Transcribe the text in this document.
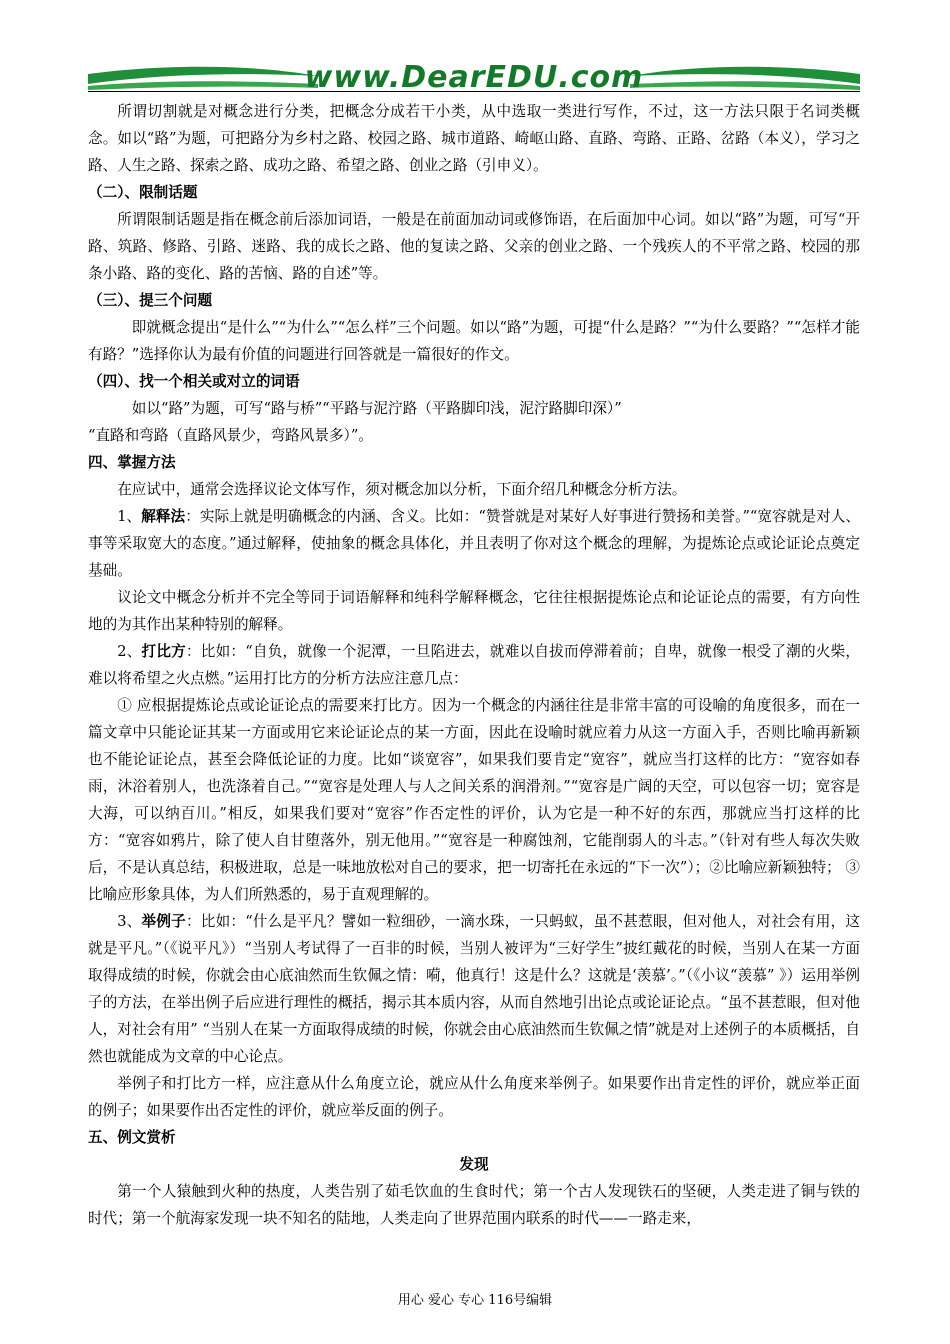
www.DearEDU.com

所谓切割就是对概念进行分类，把概念分成若干小类，从中选取一类进行写作，不过，这一方法只限于名词类概念。如以“路”为题，可把路分为乡村之路、校园之路、城市道路、崎岖山路、直路、弯路、正路、岔路（本义），学习之路、人生之路、探索之路、成功之路、希望之路、创业之路（引申义）。

（二）、限制话题

所谓限制话题是指在概念前后添加词语，一般是在前面加动词或修饰语，在后面加中心词。如以“路”为题，可写“开路、筑路、修路、引路、迷路、我的成长之路、他的复读之路、父亲的创业之路、一个残疾人的不平常之路、校园的那条小路、路的变化、路的苦恼、路的自述”等。

（三）、提三个问题

即就概念提出“是什么”“为什么”“怎么样”三个问题。如以“路”为题，可提“什么是路？”“为什么要路？”“怎样才能有路？”选择你认为最有价值的问题进行回答就是一篇很好的作文。

（四）、找一个相关或对立的词语

如以“路”为题，可写“路与桥”“平路与泥泞路（平路脚印浅，泥泞路脚印深）”

“直路和弯路（直路风景少，弯路风景多）”。

四、掌握方法

在应试中，通常会选择议论文体写作，须对概念加以分析，下面介绍几种概念分析方法。

1、解释法：实际上就是明确概念的内涵、含义。比如：“赞誉就是对某好人好事进行赞扬和美誉。”“宽容就是对人、事等采取宽大的态度。”通过解释，使抽象的概念具体化，并且表明了你对这个概念的理解，为提炼论点或论证论点奠定基础。

议论文中概念分析并不完全等同于词语解释和纯科学解释概念，它往往根据提炼论点和论证论点的需要，有方向性地的为其作出某种特别的解释。

2、打比方：比如：“自负，就像一个泥潭，一旦陷进去，就难以自拔而停滞着前；自卑，就像一根受了潮的火柴，难以将希望之火点燃。”运用打比方的分析方法应注意几点：

① 应根据提炼论点或论证论点的需要来打比方。因为一个概念的内涵往往是非常丰富的可设喻的角度很多，而在一篇文章中只能论证其某一方面或用它来论证论点的某一方面，因此在设喻时就应着力从这一方面入手，否则比喻再新颖也不能论证论点，甚至会降低论证的力度。比如“谈宽容”，如果我们要肯定“宽容”，就应当打这样的比方：“宽容如春雨，沐浴着别人，也洗涤着自己。”“宽容是处理人与人之间关系的润滑剂。”“宽容是广阔的天空，可以包容一切；宽容是大海，可以纳百川。”相反，如果我们要对“宽容”作否定性的评价，认为它是一种不好的东西，那就应当打这样的比方：“宽容如鸦片，除了使人自甘堕落外，别无他用。”“宽容是一种腐蚀剂，它能削弱人的斗志。”（针对有些人每次失败后，不是认真总结，积极进取，总是一味地放松对自己的要求，把一切寄托在永远的“下一次”）；②比喻应新颖独特； ③比喻应形象具体，为人们所熟悉的，易于直观理解的。

3、举例子：比如：“什么是平凡？譬如一粒细砂，一滴水珠，一只蚂蚁，虽不甚惹眼，但对他人，对社会有用，这就是平凡。”（《说平凡》）“当别人考试得了一百非的时候，当别人被评为“三好学生”披红戴花的时候，当别人在某一方面取得成绩的时候，你就会由心底油然而生钦佩之情：嗬，他真行！这是什么？这就是‘羡慕’。”（《小议“羡慕” 》）运用举例子的方法，在举出例子后应进行理性的概括，揭示其本质内容，从而自然地引出论点或论证论点。“虽不甚惹眼，但对他人，对社会有用” “当别人在某一方面取得成绩的时候，你就会由心底油然而生钦佩之情”就是对上述例子的本质概括，自然也就能成为文章的中心论点。

举例子和打比方一样，应注意从什么角度立论，就应从什么角度来举例子。如果要作出肯定性的评价，就应举正面的例子；如果要作出否定性的评价，就应举反面的例子。

五、例文赏析

发现

第一个人猿触到火种的热度，人类告别了茹毛饮血的生食时代；第一个古人发现铁石的坚硬，人类走进了铜与铁的时代；第一个航海家发现一块不知名的陆地，人类走向了世界范围内联系的时代——一路走来，

用心 爱心 专心 116号编辑
